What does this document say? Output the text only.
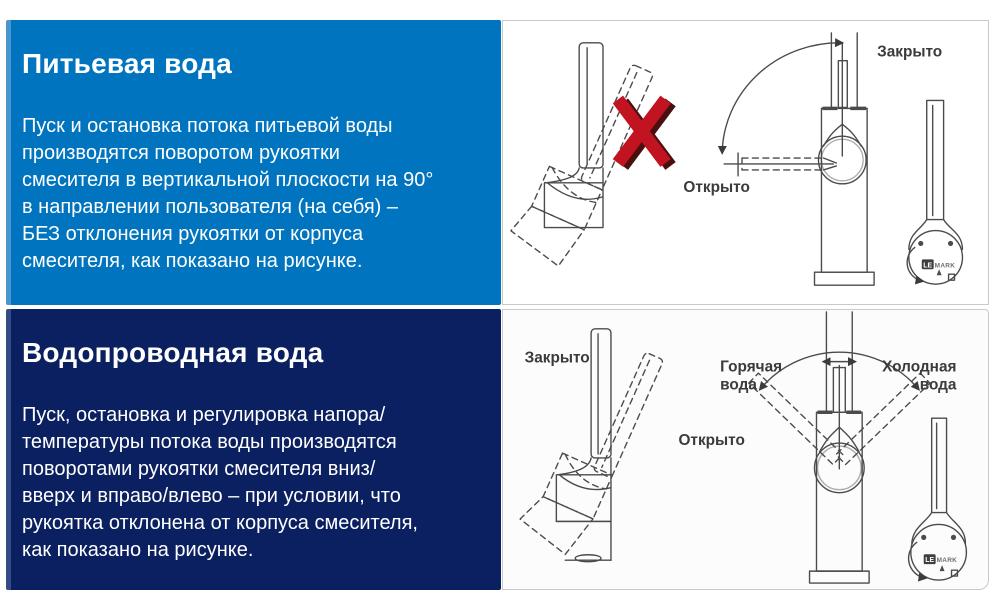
Питьевая вода
Пуск и остановка потока питьевой воды
производятся поворотом рукоятки
смесителя в вертикальной плоскости на 90°
в направлении пользователя (на себя) –
БЕЗ отклонения рукоятки от корпуса
смесителя, как показано на рисунке.
Закрыто
Открыто
LE MARK
Водопроводная вода
Пуск, остановка и регулировка напора/
температуры потока воды производятся
поворотами рукоятки смесителя вниз/
вверх и вправо/влево – при условии, что
рукоятка отклонена от корпуса смесителя,
как показано на рисунке.
Закрыто
Открыто
Горячая
вода
Холодная
вода
LE MARK
